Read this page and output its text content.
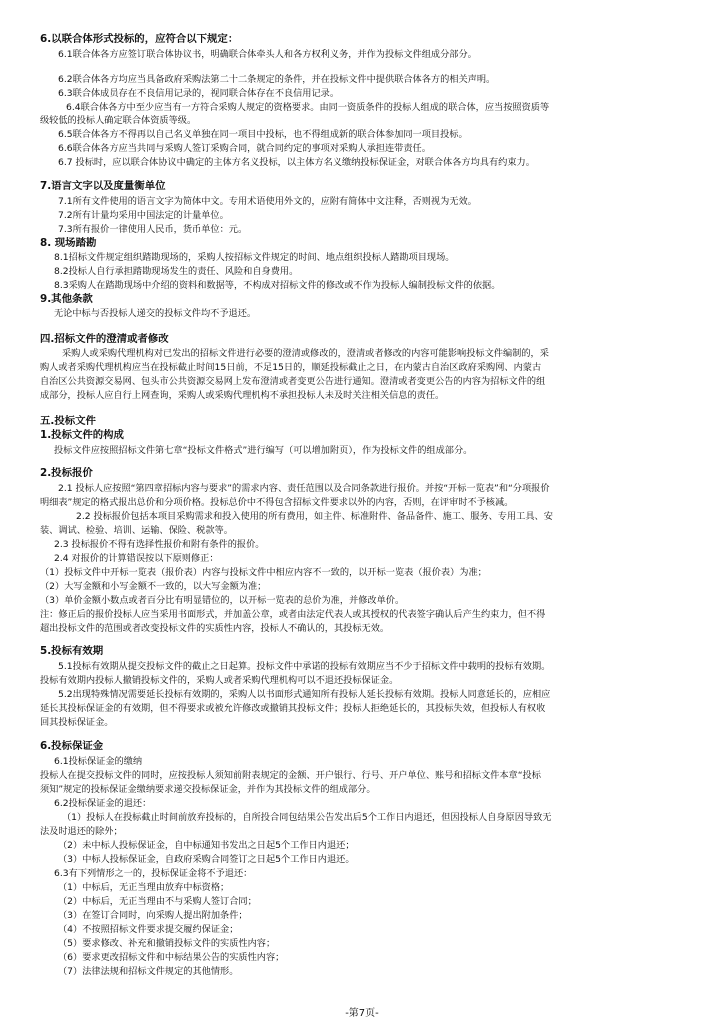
6.以联合体形式投标的，应符合以下规定：
6.1联合体各方应签订联合体协议书，明确联合体牵头人和各方权利义务，并作为投标文件组成分部分。
6.2联合体各方均应当具备政府采购法第二十二条规定的条件，并在投标文件中提供联合体各方的相关声明。
6.3联合体成员存在不良信用记录的，视同联合体存在不良信用记录。
6.4联合体各方中至少应当有一方符合采购人规定的资格要求。由同一资质条件的投标人组成的联合体，应当按照资质等
级较低的投标人确定联合体资质等级。
6.5联合体各方不得再以自己名义单独在同一项目中投标，也不得组成新的联合体参加同一项目投标。
6.6联合体各方应当共同与采购人签订采购合同，就合同约定的事项对采购人承担连带责任。
6.7 投标时，应以联合体协议中确定的主体方名义投标，以主体方名义缴纳投标保证金，对联合体各方均具有约束力。
7.语言文字以及度量衡单位
7.1所有文件使用的语言文字为简体中文。专用术语使用外文的，应附有简体中文注释，否则视为无效。
7.2所有计量均采用中国法定的计量单位。
7.3所有报价一律使用人民币，货币单位：元。
8. 现场踏勘
8.1招标文件规定组织踏勘现场的，采购人按招标文件规定的时间、地点组织投标人踏勘项目现场。
8.2投标人自行承担踏勘现场发生的责任、风险和自身费用。
8.3采购人在踏勘现场中介绍的资料和数据等，不构成对招标文件的修改或不作为投标人编制投标文件的依据。
9.其他条款
无论中标与否投标人递交的投标文件均不予退还。
四.招标文件的澄清或者修改
采购人或采购代理机构对已发出的招标文件进行必要的澄清或修改的，澄清或者修改的内容可能影响投标文件编制的，采
购人或者采购代理机构应当在投标截止时间15日前，不足15日的，顺延投标截止之日，在内蒙古自治区政府采购网、内蒙古
自治区公共资源交易网、包头市公共资源交易网上发布澄清或者变更公告进行通知。澄清或者变更公告的内容为招标文件的组
成部分，投标人应自行上网查询，采购人或采购代理机构不承担投标人未及时关注相关信息的责任。
五.投标文件
1.投标文件的构成
投标文件应按照招标文件第七章“投标文件格式”进行编写（可以增加附页），作为投标文件的组成部分。
2.投标报价
2.1 投标人应按照“第四章招标内容与要求”的需求内容、责任范围以及合同条款进行报价。并按“开标一览表”和“分项报价
明细表”规定的格式报出总价和分项价格。投标总价中不得包含招标文件要求以外的内容，否则，在评审时不予核减。
2.2 投标报价包括本项目采购需求和投入使用的所有费用，如主件、标准附件、备品备件、施工、服务、专用工具、安
装、调试、检验、培训、运输、保险、税款等。
2.3 投标报价不得有选择性报价和附有条件的报价。
2.4 对报价的计算错误按以下原则修正：
（1）投标文件中开标一览表（报价表）内容与投标文件中相应内容不一致的，以开标一览表（报价表）为准；
（2）大写金额和小写金额不一致的，以大写金额为准；
（3）单价金额小数点或者百分比有明显错位的，以开标一览表的总价为准，并修改单价。
注：修正后的报价投标人应当采用书面形式，并加盖公章，或者由法定代表人或其授权的代表签字确认后产生约束力，但不得
超出投标文件的范围或者改变投标文件的实质性内容，投标人不确认的，其投标无效。
5.投标有效期
5.1投标有效期从提交投标文件的截止之日起算。投标文件中承诺的投标有效期应当不少于招标文件中载明的投标有效期。
投标有效期内投标人撤销投标文件的，采购人或者采购代理机构可以不退还投标保证金。
5.2出现特殊情况需要延长投标有效期的，采购人以书面形式通知所有投标人延长投标有效期。投标人同意延长的，应相应
延长其投标保证金的有效期，但不得要求或被允许修改或撤销其投标文件；投标人拒绝延长的，其投标失效，但投标人有权收
回其投标保证金。
6.投标保证金
6.1投标保证金的缴纳
投标人在提交投标文件的同时，应按投标人须知前附表规定的金额、开户银行、行号、开户单位、账号和招标文件本章“投标
须知”规定的投标保证金缴纳要求递交投标保证金，并作为其投标文件的组成部分。
6.2投标保证金的退还：
（1）投标人在投标截止时间前放弃投标的，自所投合同包结果公告发出后5个工作日内退还，但因投标人自身原因导致无
法及时退还的除外；
（2）未中标人投标保证金，自中标通知书发出之日起5个工作日内退还；
（3）中标人投标保证金，自政府采购合同签订之日起5个工作日内退还。
6.3有下列情形之一的，投标保证金将不予退还：
（1）中标后，无正当理由放弃中标资格；
（2）中标后，无正当理由不与采购人签订合同；
（3）在签订合同时，向采购人提出附加条件；
（4）不按照招标文件要求提交履约保证金；
（5）要求修改、补充和撤销投标文件的实质性内容；
（6）要求更改招标文件和中标结果公告的实质性内容；
（7）法律法规和招标文件规定的其他情形。
-第7页-
